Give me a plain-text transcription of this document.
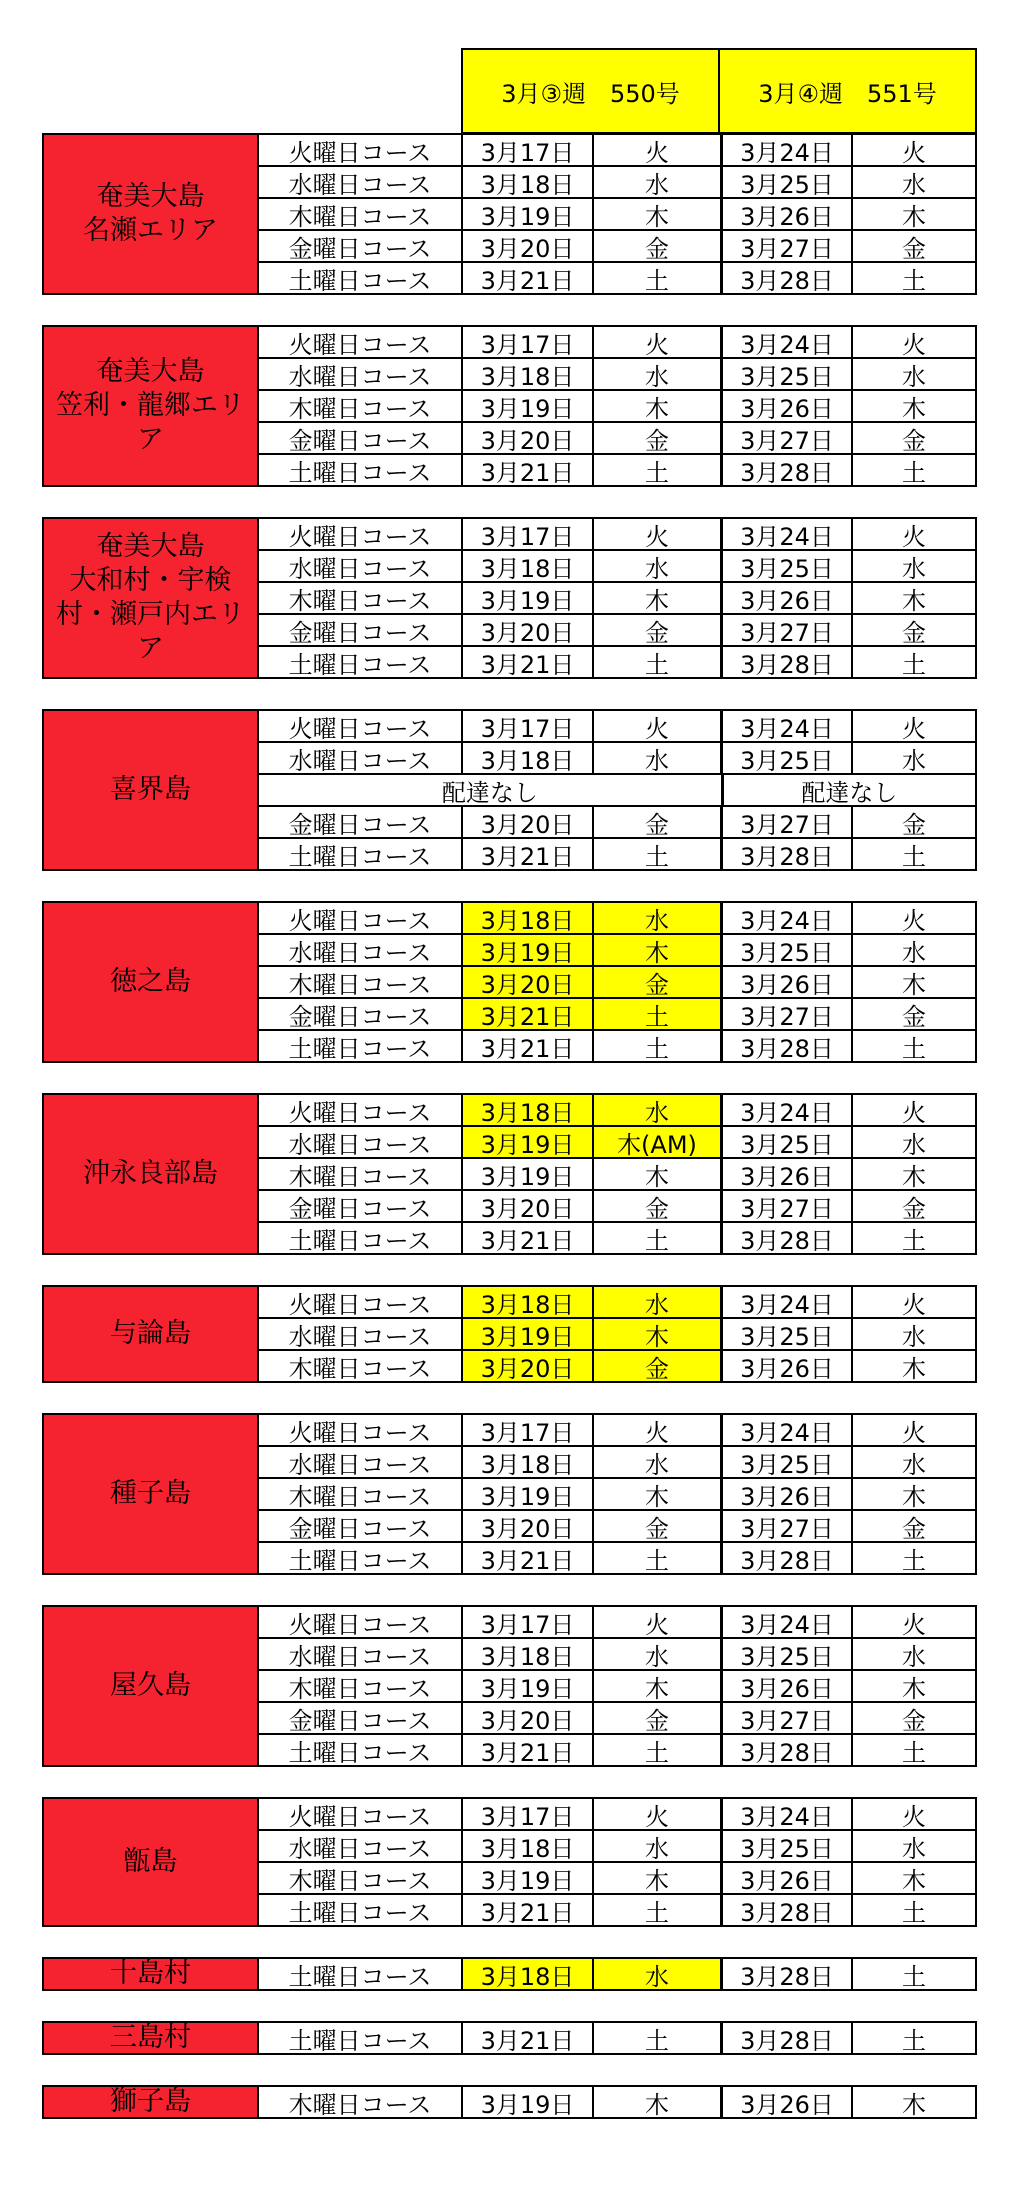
3月③週　550号	3月④週　551号
奄美大島
名瀬エリア
火曜日コース	3月17日	火	3月24日	火
水曜日コース	3月18日	水	3月25日	水
木曜日コース	3月19日	木	3月26日	木
金曜日コース	3月20日	金	3月27日	金
土曜日コース	3月21日	土	3月28日	土
奄美大島
笠利・龍郷エリ
ア
火曜日コース	3月17日	火	3月24日	火
水曜日コース	3月18日	水	3月25日	水
木曜日コース	3月19日	木	3月26日	木
金曜日コース	3月20日	金	3月27日	金
土曜日コース	3月21日	土	3月28日	土
奄美大島
大和村・宇検
村・瀬戸内エリ
ア
火曜日コース	3月17日	火	3月24日	火
水曜日コース	3月18日	水	3月25日	水
木曜日コース	3月19日	木	3月26日	木
金曜日コース	3月20日	金	3月27日	金
土曜日コース	3月21日	土	3月28日	土
喜界島
火曜日コース	3月17日	火	3月24日	火
水曜日コース	3月18日	水	3月25日	水
配達なし	配達なし
金曜日コース	3月20日	金	3月27日	金
土曜日コース	3月21日	土	3月28日	土
徳之島
火曜日コース	3月18日	水	3月24日	火
水曜日コース	3月19日	木	3月25日	水
木曜日コース	3月20日	金	3月26日	木
金曜日コース	3月21日	土	3月27日	金
土曜日コース	3月21日	土	3月28日	土
沖永良部島
火曜日コース	3月18日	水	3月24日	火
水曜日コース	3月19日	木(AM)	3月25日	水
木曜日コース	3月19日	木	3月26日	木
金曜日コース	3月20日	金	3月27日	金
土曜日コース	3月21日	土	3月28日	土
与論島
火曜日コース	3月18日	水	3月24日	火
水曜日コース	3月19日	木	3月25日	水
木曜日コース	3月20日	金	3月26日	木
種子島
火曜日コース	3月17日	火	3月24日	火
水曜日コース	3月18日	水	3月25日	水
木曜日コース	3月19日	木	3月26日	木
金曜日コース	3月20日	金	3月27日	金
土曜日コース	3月21日	土	3月28日	土
屋久島
火曜日コース	3月17日	火	3月24日	火
水曜日コース	3月18日	水	3月25日	水
木曜日コース	3月19日	木	3月26日	木
金曜日コース	3月20日	金	3月27日	金
土曜日コース	3月21日	土	3月28日	土
甑島
火曜日コース	3月17日	火	3月24日	火
水曜日コース	3月18日	水	3月25日	水
木曜日コース	3月19日	木	3月26日	木
土曜日コース	3月21日	土	3月28日	土
十島村	土曜日コース	3月18日	水	3月28日	土
三島村	土曜日コース	3月21日	土	3月28日	土
獅子島	木曜日コース	3月19日	木	3月26日	木
